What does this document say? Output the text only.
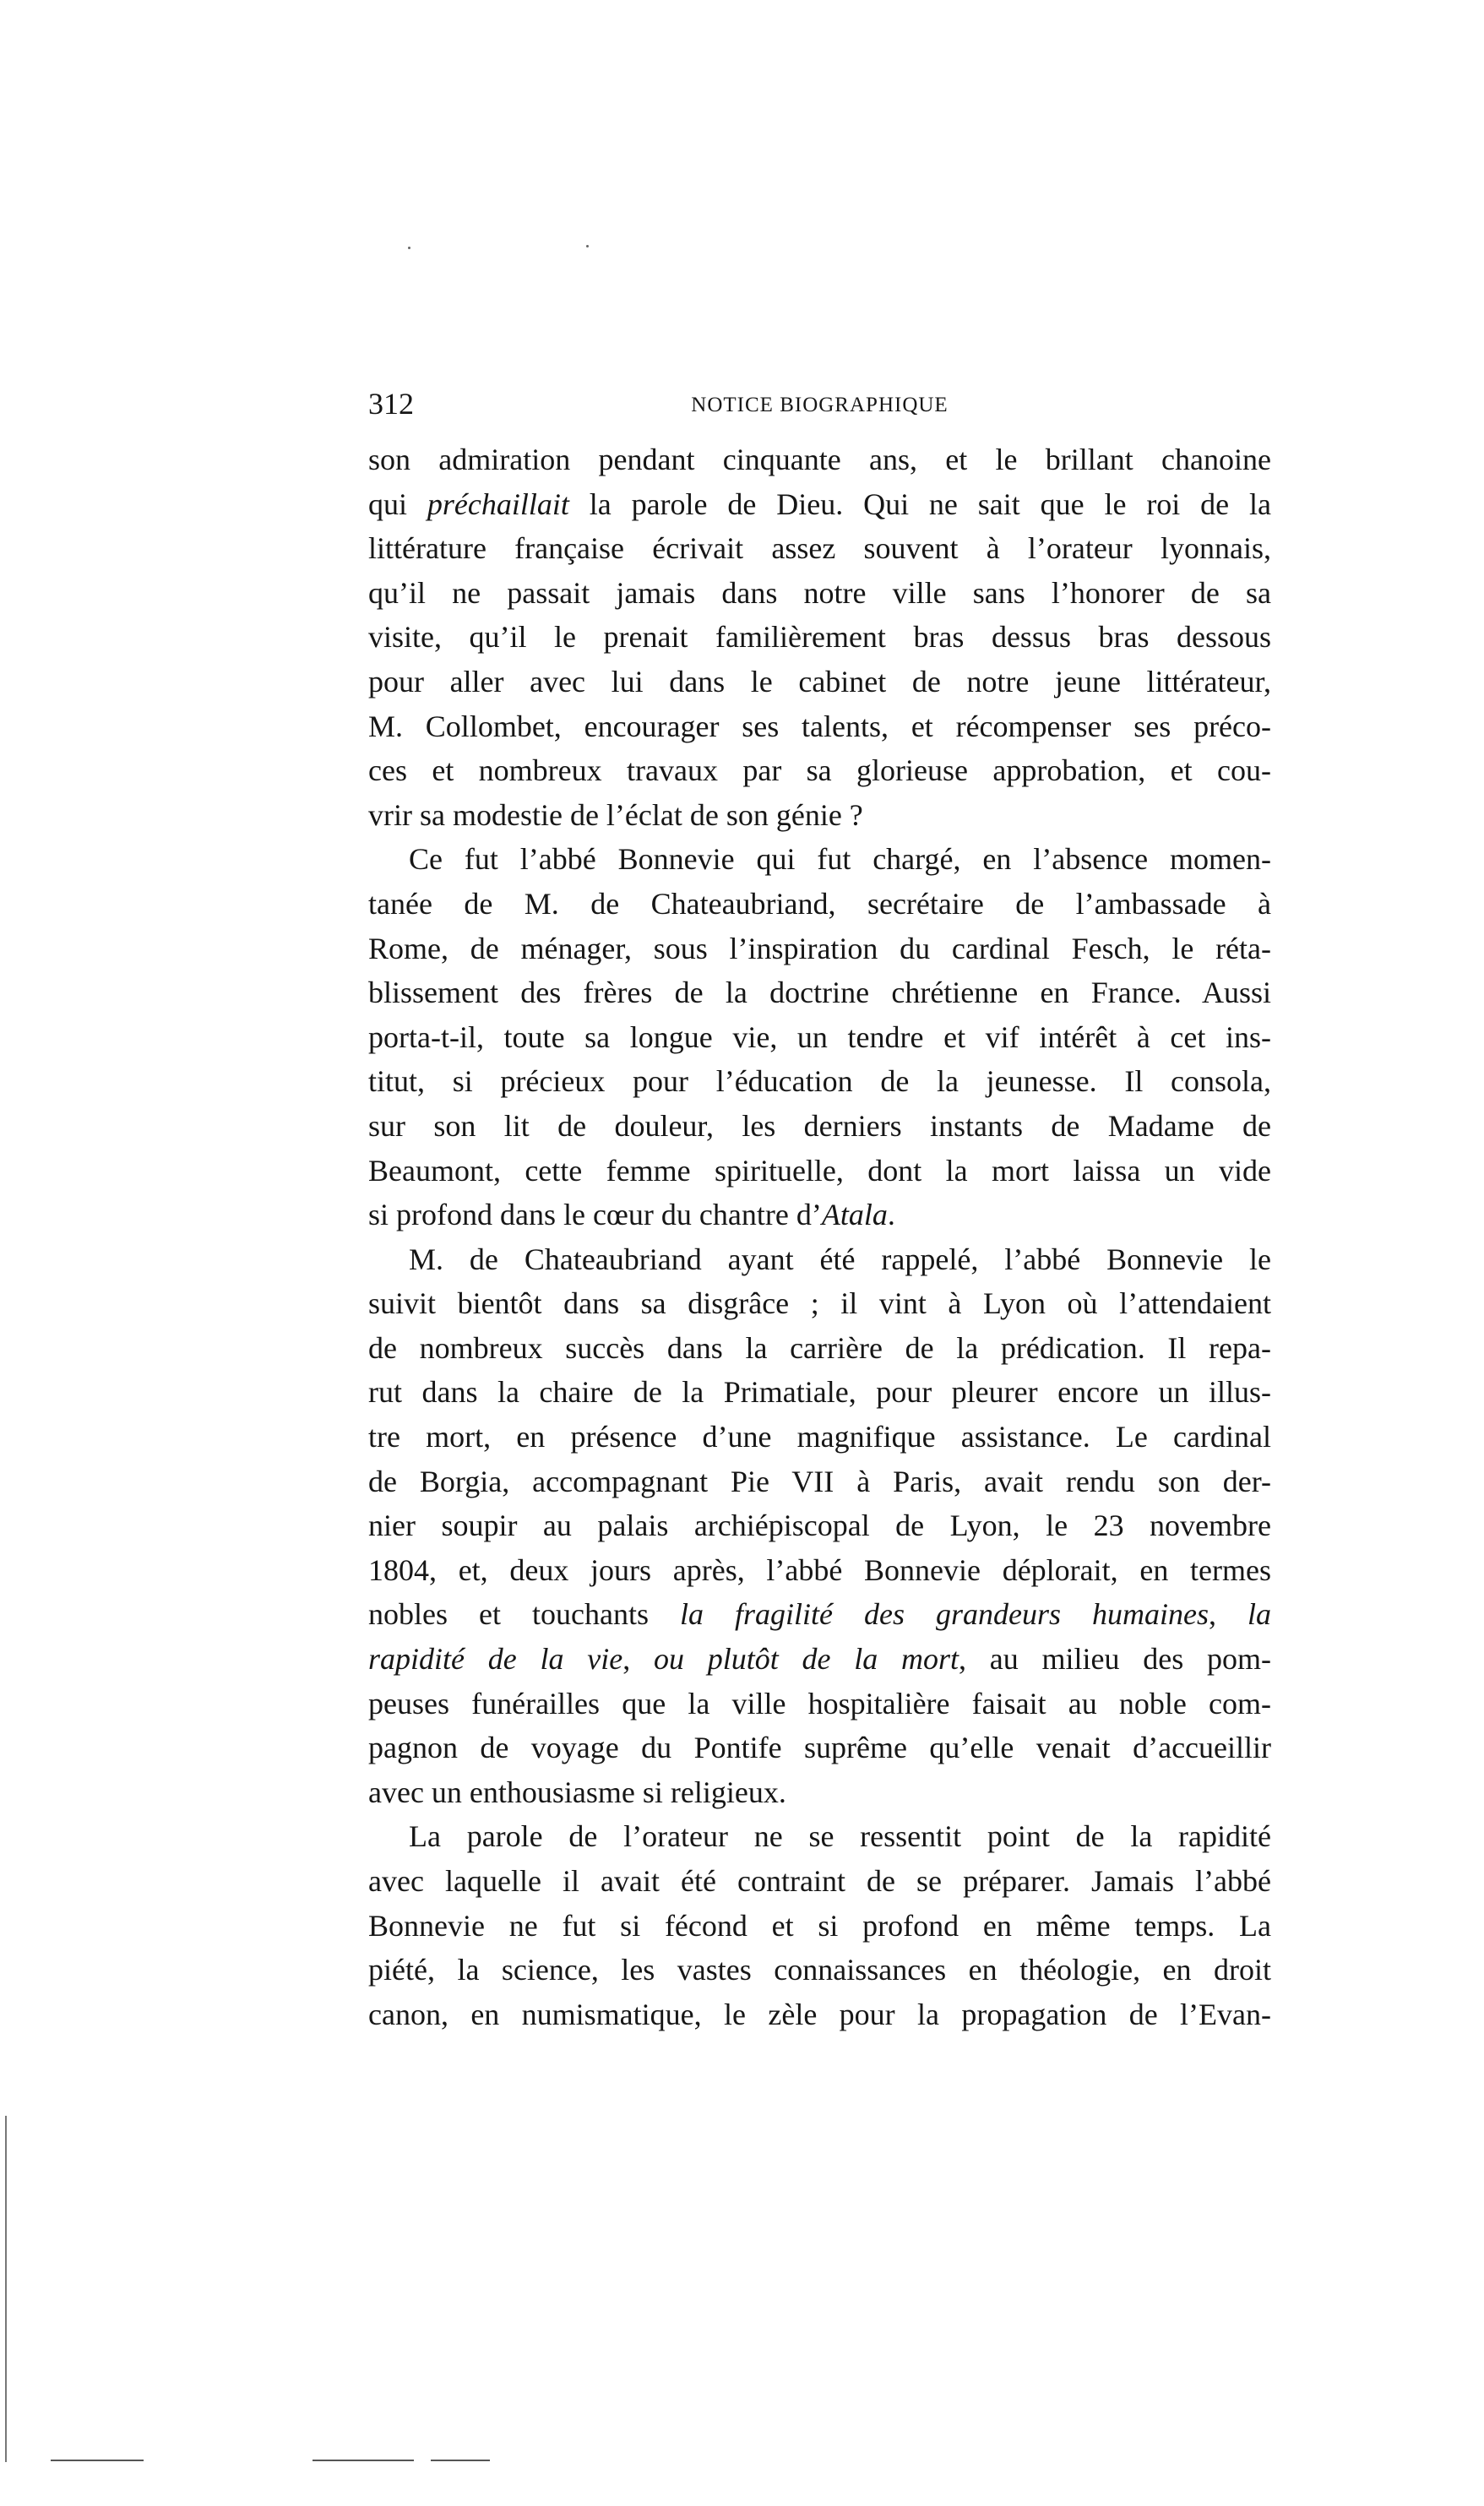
312	NOTICE BIOGRAPHIQUE
son admiration pendant cinquante ans, et le brillant chanoine
qui préchaillait la parole de Dieu. Qui ne sait que le roi de la
littérature française écrivait assez souvent à l’orateur lyonnais,
qu’il ne passait jamais dans notre ville sans l’honorer de sa
visite, qu’il le prenait familièrement bras dessus bras dessous
pour aller avec lui dans le cabinet de notre jeune littérateur,
M. Collombet, encourager ses talents, et récompenser ses préco-
ces et nombreux travaux par sa glorieuse approbation, et cou-
vrir sa modestie de l’éclat de son génie ?
Ce fut l’abbé Bonnevie qui fut chargé, en l’absence momen-
tanée de M. de Chateaubriand, secrétaire de l’ambassade à
Rome, de ménager, sous l’inspiration du cardinal Fesch, le réta-
blissement des frères de la doctrine chrétienne en France. Aussi
porta-t-il, toute sa longue vie, un tendre et vif intérêt à cet ins-
titut, si précieux pour l’éducation de la jeunesse. Il consola,
sur son lit de douleur, les derniers instants de Madame de
Beaumont, cette femme spirituelle, dont la mort laissa un vide
si profond dans le cœur du chantre d’Atala.
M. de Chateaubriand ayant été rappelé, l’abbé Bonnevie le
suivit bientôt dans sa disgrâce ; il vint à Lyon où l’attendaient
de nombreux succès dans la carrière de la prédication. Il repa-
rut dans la chaire de la Primatiale, pour pleurer encore un illus-
tre mort, en présence d’une magnifique assistance. Le cardinal
de Borgia, accompagnant Pie VII à Paris, avait rendu son der-
nier soupir au palais archiépiscopal de Lyon, le 23 novembre
1804, et, deux jours après, l’abbé Bonnevie déplorait, en termes
nobles et touchants la fragilité des grandeurs humaines, la
rapidité de la vie, ou plutôt de la mort, au milieu des pom-
peuses funérailles que la ville hospitalière faisait au noble com-
pagnon de voyage du Pontife suprême qu’elle venait d’accueillir
avec un enthousiasme si religieux.
La parole de l’orateur ne se ressentit point de la rapidité
avec laquelle il avait été contraint de se préparer. Jamais l’abbé
Bonnevie ne fut si fécond et si profond en même temps. La
piété, la science, les vastes connaissances en théologie, en droit
canon, en numismatique, le zèle pour la propagation de l’Evan-
